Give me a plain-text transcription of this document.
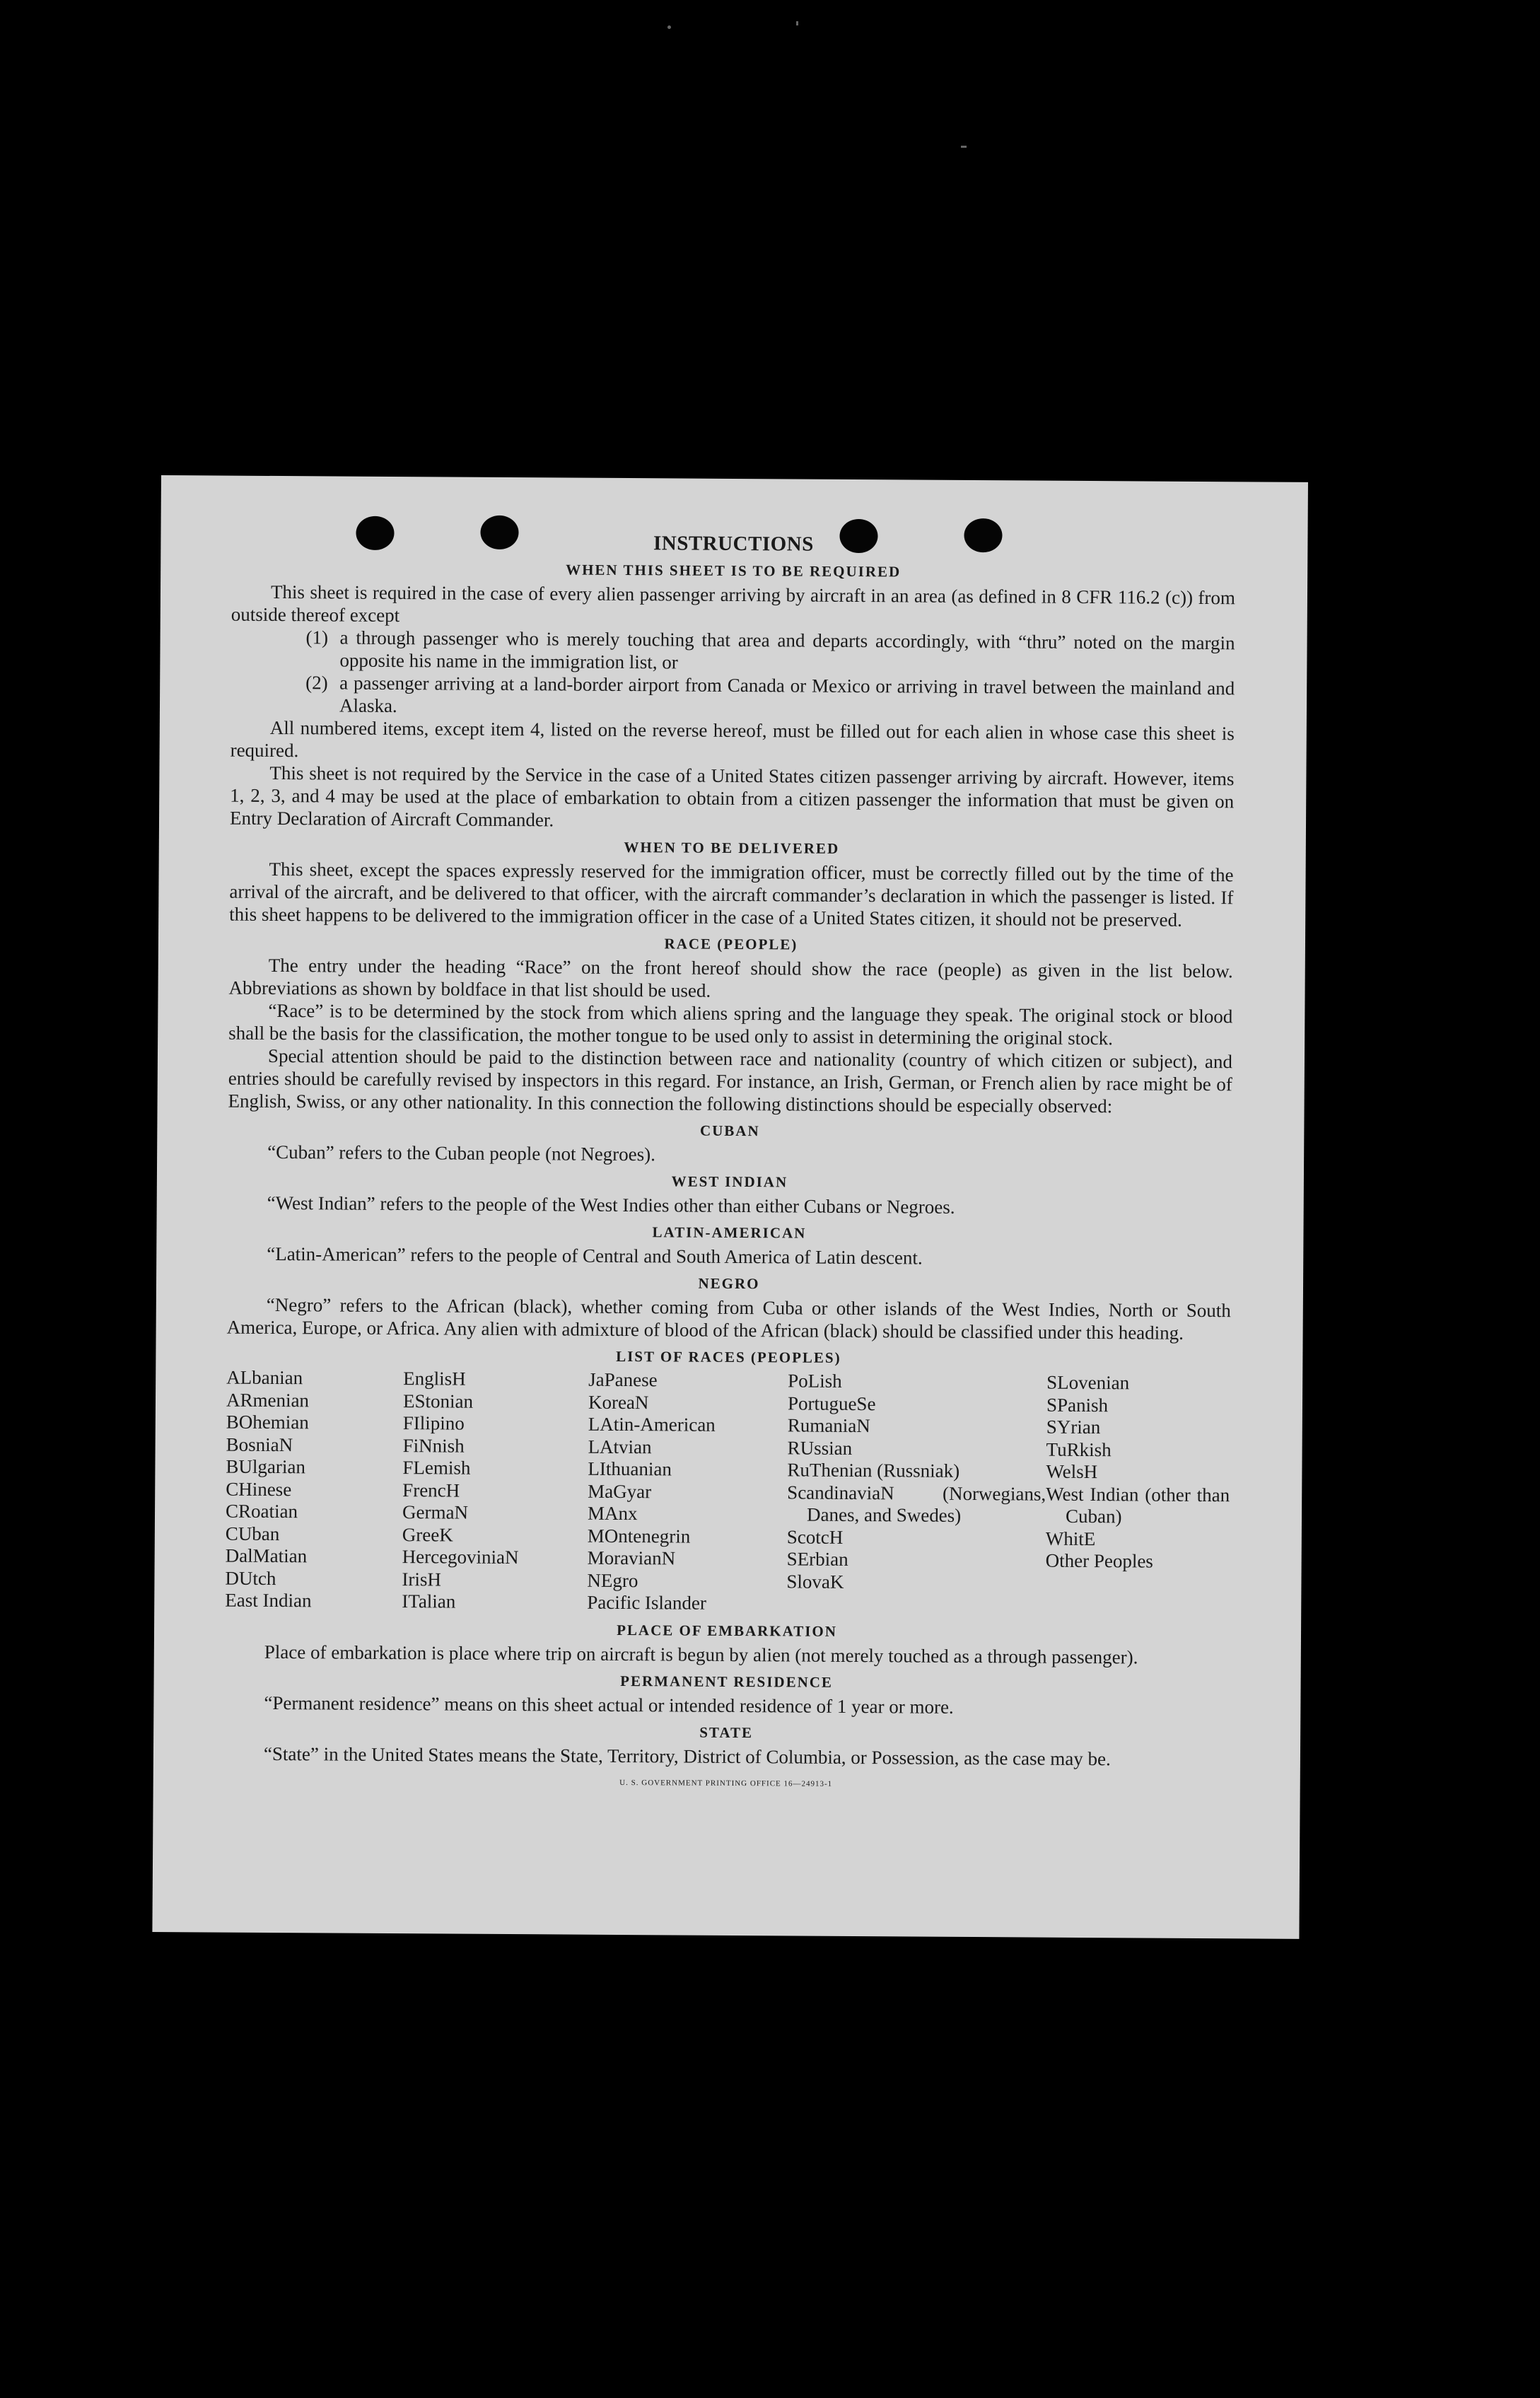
INSTRUCTIONS
WHEN THIS SHEET IS TO BE REQUIRED

This sheet is required in the case of every alien passenger arriving by aircraft in an area (as defined in 8 CFR 116.2 (c)) from outside thereof except

(1) a through passenger who is merely touching that area and departs accordingly, with “thru” noted on the margin opposite his name in the immigration list, or
(2) a passenger arriving at a land-border airport from Canada or Mexico or arriving in travel between the mainland and Alaska.

All numbered items, except item 4, listed on the reverse hereof, must be filled out for each alien in whose case this sheet is required.

This sheet is not required by the Service in the case of a United States citizen passenger arriving by aircraft. However, items 1, 2, 3, and 4 may be used at the place of embarkation to obtain from a citizen passenger the information that must be given on Entry Declaration of Aircraft Commander.

WHEN TO BE DELIVERED

This sheet, except the spaces expressly reserved for the immigration officer, must be correctly filled out by the time of the arrival of the aircraft, and be delivered to that officer, with the aircraft commander’s declaration in which the passenger is listed. If this sheet happens to be delivered to the immigration officer in the case of a United States citizen, it should not be preserved.

RACE (PEOPLE)

The entry under the heading “Race” on the front hereof should show the race (people) as given in the list below. Abbreviations as shown by boldface in that list should be used.

“Race” is to be determined by the stock from which aliens spring and the language they speak. The original stock or blood shall be the basis for the classification, the mother tongue to be used only to assist in determining the original stock.

Special attention should be paid to the distinction between race and nationality (country of which citizen or subject), and entries should be carefully revised by inspectors in this regard. For instance, an Irish, German, or French alien by race might be of English, Swiss, or any other nationality. In this connection the following distinctions should be especially observed:

CUBAN

“Cuban” refers to the Cuban people (not Negroes).

WEST INDIAN

“West Indian” refers to the people of the West Indies other than either Cubans or Negroes.

LATIN-AMERICAN

“Latin-American” refers to the people of Central and South America of Latin descent.

NEGRO

“Negro” refers to the African (black), whether coming from Cuba or other islands of the West Indies, North or South America, Europe, or Africa. Any alien with admixture of blood of the African (black) should be classified under this heading.

LIST OF RACES (PEOPLES)
ALbanian
ARmenian
BOhemian
BosniaN
BUlgarian
CHinese
CRoatian
CUban
DalMatian
DUtch
East Indian
EnglisH
EStonian
FIlipino
FiNnish
FLemish
FrencH
GermaN
GreeK
HercegoviniaN
IrisH
ITalian
JaPanese
KoreaN
LAtin-American
LAtvian
LIthuanian
MaGyar
MAnx
MOntenegrin
MoravianN
NEgro
Pacific Islander
PoLish
PortugueSe
RumaniaN
RUssian
RuThenian (Russniak)
ScandinaviaN (Norwegians, Danes, and Swedes)
ScotcH
SErbian
SlovaK
SLovenian
SPanish
SYrian
TuRkish
WelsH
West Indian (other than Cuban)
WhitE
Other Peoples
PLACE OF EMBARKATION

Place of embarkation is place where trip on aircraft is begun by alien (not merely touched as a through passenger).

PERMANENT RESIDENCE

“Permanent residence” means on this sheet actual or intended residence of 1 year or more.

STATE

“State” in the United States means the State, Territory, District of Columbia, or Possession, as the case may be.

U. S. GOVERNMENT PRINTING OFFICE 16—24913-1
